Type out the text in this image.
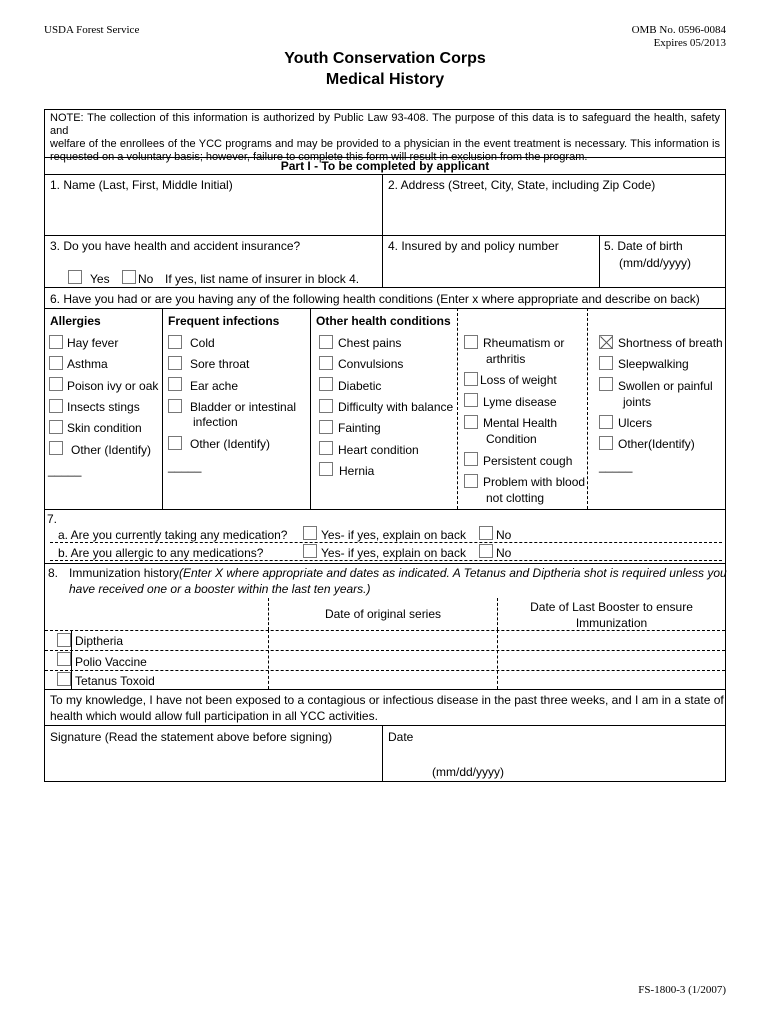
USDA Forest Service	OMB No. 0596-0084
Expires 05/2013
Youth Conservation Corps
Medical History
NOTE: The collection of this information is authorized by Public Law 93-408. The purpose of this data is to safeguard the health, safety and
welfare of the enrollees of the YCC programs and may be provided to a physician in the event treatment is necessary. This information is
requested on a voluntary basis; however, failure to complete this form will result in exclusion from the program.
Part I - To be completed by applicant
1. Name (Last, First, Middle Initial)	2. Address (Street, City, State, including Zip Code)
3. Do you have health and accident insurance?
Yes No If yes, list name of insurer in block 4.
4. Insured by and policy number	5. Date of birth
(mm/dd/yyyy)
6. Have you had or are you having any of the following health conditions (Enter x where appropriate and describe on back)
Allergies
Hay fever
Asthma
Poison ivy or oak
Insects stings
Skin condition
Other (Identify)
_____
Frequent infections
Cold
Sore throat
Ear ache
Bladder or intestinal
infection
Other (Identify)
_____
Other health conditions
Chest pains
Convulsions
Diabetic
Difficulty with balance
Fainting
Heart condition
Hernia
Rheumatism or
arthritis
Loss of weight
Lyme disease
Mental Health
Condition
Persistent cough
Problem with blood
not clotting
Shortness of breath
Sleepwalking
Swollen or painful
joints
Ulcers
Other(Identify)
_____
7.
a. Are you currently taking any medication?	Yes- if yes, explain on back	No
b. Are you allergic to any medications?	Yes- if yes, explain on back	No
8. Immunization history (Enter X where appropriate and dates as indicated. A Tetanus and Diptheria shot is required unless you
have received one or a booster within the last ten years.)
Date of original series	Date of Last Booster to ensure
Immunization
Diptheria
Polio Vaccine
Tetanus Toxoid
To my knowledge, I have not been exposed to a contagious or infectious disease in the past three weeks, and I am in a state of
health which would allow full participation in all YCC activities.
Signature (Read the statement above before signing)	Date
(mm/dd/yyyy)
FS-1800-3 (1/2007)
